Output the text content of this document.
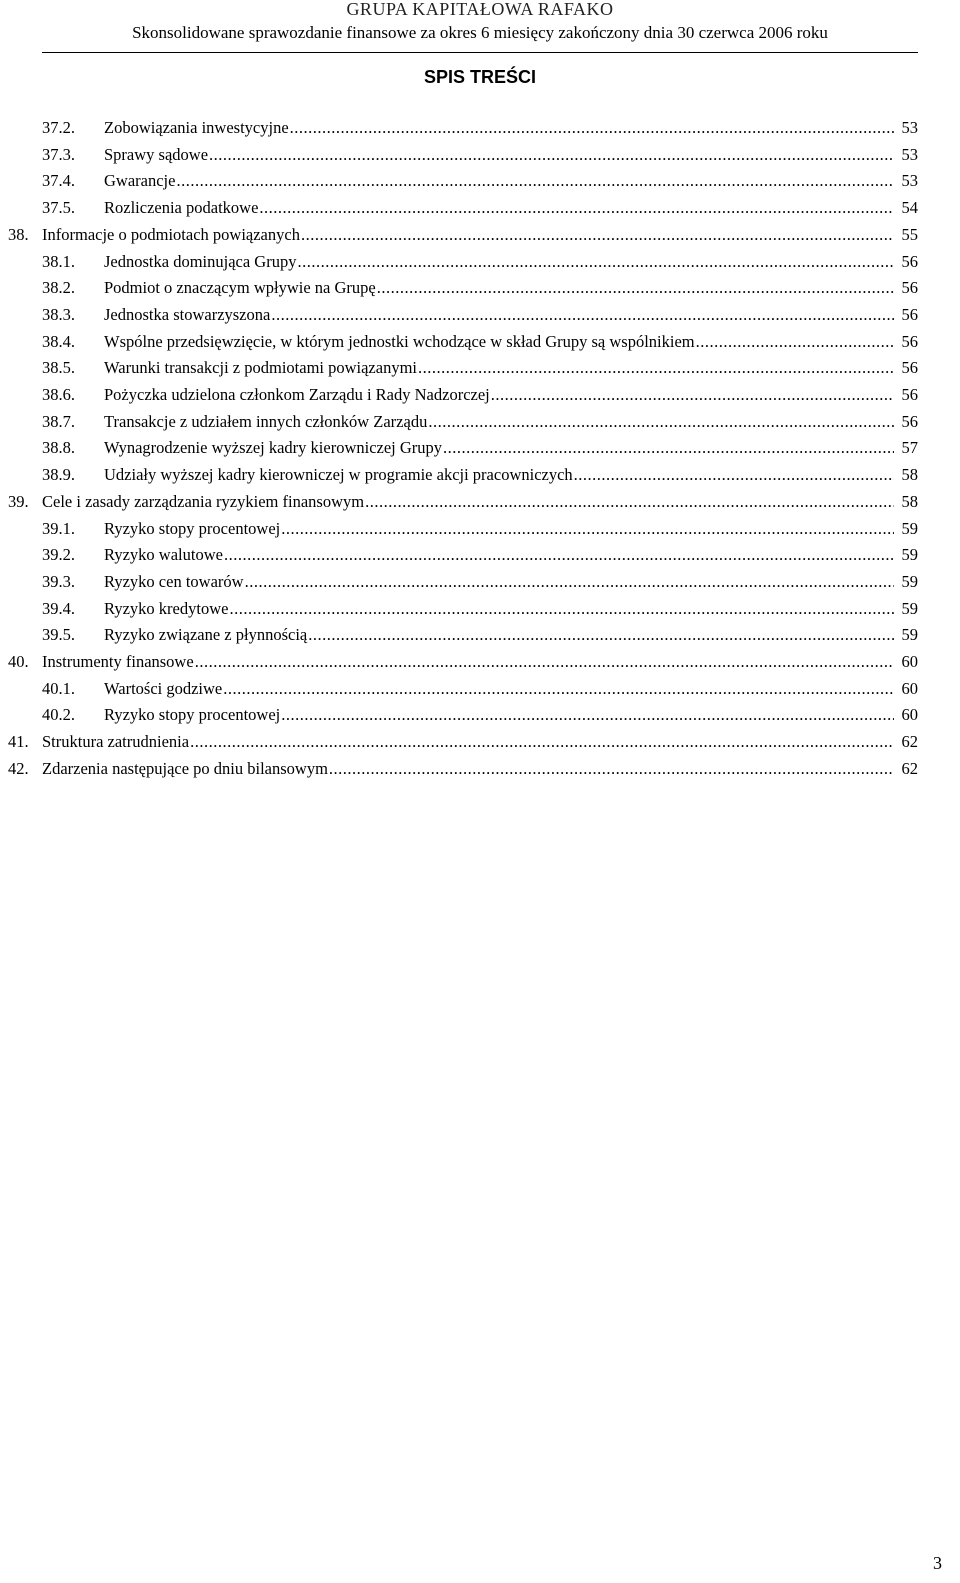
GRUPA KAPITAŁOWA RAFAKO
Skonsolidowane sprawozdanie finansowe za okres 6 miesięcy zakończony dnia 30 czerwca 2006 roku
SPIS TREŚCI
37.2. Zobowiązania inwestycyjne .....	53
37.3. Sprawy sądowe .....	53
37.4. Gwarancje .....	53
37.5. Rozliczenia podatkowe .....	54
38. Informacje o podmiotach powiązanych .....	55
38.1. Jednostka dominująca Grupy .....	56
38.2. Podmiot o znaczącym wpływie na Grupę .....	56
38.3. Jednostka stowarzyszona .....	56
38.4. Wspólne przedsięwzięcie, w którym jednostki wchodzące w skład Grupy są wspólnikiem .....	56
38.5. Warunki transakcji z podmiotami powiązanymi .....	56
38.6. Pożyczka udzielona członkom Zarządu i Rady Nadzorczej .....	56
38.7. Transakcje z udziałem innych członków Zarządu .....	56
38.8. Wynagrodzenie wyższej kadry kierowniczej Grupy .....	57
38.9. Udziały wyższej kadry kierowniczej w programie akcji pracowniczych .....	58
39. Cele i zasady zarządzania ryzykiem finansowym .....	58
39.1. Ryzyko stopy procentowej .....	59
39.2. Ryzyko walutowe .....	59
39.3. Ryzyko cen towarów .....	59
39.4. Ryzyko kredytowe .....	59
39.5. Ryzyko związane z płynnością .....	59
40. Instrumenty finansowe .....	60
40.1. Wartości godziwe .....	60
40.2. Ryzyko stopy procentowej .....	60
41. Struktura zatrudnienia .....	62
42. Zdarzenia następujące po dniu bilansowym .....	62
3
